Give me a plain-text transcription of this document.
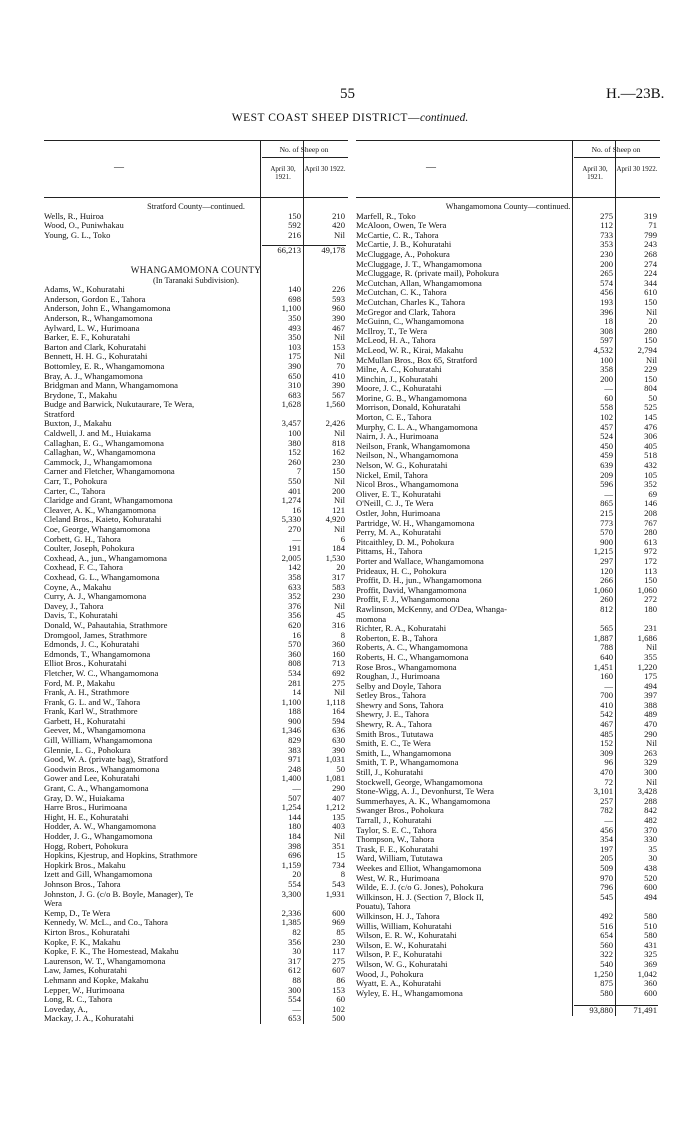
55	H.—23B.
WEST COAST SHEEP DISTRICT—continued.
—
No. of Sheep on
April 30, 1921.
April 30 1922.
Stratford County—continued.
Wells, R., Huiroa	150	210
Wood, O., Puniwhakau	592	420
Young, G. L., Toko	216	Nil
66,213	49,178
WHANGAMOMONA COUNTY
(In Taranaki Subdivision).
Adams, W., Kohuratahi	140	226
Anderson, Gordon E., Tahora	698	593
Anderson, John E., Whangamomona	1,100	960
Anderson, R., Whangamomona	350	390
Aylward, L. W., Hurimoana	493	467
Barker, E. F., Kohuratahi	350	Nil
Barton and Clark, Kohuratahi	103	153
Bennett, H. H. G., Kohuratahi	175	Nil
Bottomley, E. R., Whangamomona	390	70
Bray, A. J., Whangamomona	650	410
Bridgman and Mann, Whangamomona	310	390
Brydone, T., Makahu	683	567
Budge and Barwick, Nukutaurare, Te Wera,	1,628	1,560
Stratford
Buxton, J., Makahu	3,457	2,426
Caldwell, J. and M., Huiakama	100	Nil
Callaghan, E. G., Whangamomona	380	818
Callaghan, W., Whangamomona	152	162
Cammock, J., Whangamomona	260	230
Carner and Fletcher, Whangamomona	7	150
Carr, T., Pohokura	550	Nil
Carter, C., Tahora	401	200
Claridge and Grant, Whangamomona	1,274	Nil
Cleaver, A. K., Whangamomona	16	121
Cleland Bros., Kaieto, Kohuratahi	5,330	4,920
Coe, George, Whangamomona	270	Nil
Corbett, G. H., Tahora	—	6
Coulter, Joseph, Pohokura	191	184
Coxhead, A., jun., Whangamomona	2,005	1,530
Coxhead, F. C., Tahora	142	20
Coxhead, G. L., Whangamomona	358	317
Coyne, A., Makahu	633	583
Curry, A. J., Whangamomona	352	230
Davey, J., Tahora	376	Nil
Davis, T., Kohuratahi	356	45
Donald, W., Pahautahia, Strathmore	620	316
Dromgool, James, Strathmore	16	8
Edmonds, J. C., Kohuratahi	570	360
Edmonds, T., Whangamomona	360	160
Elliot Bros., Kohuratahi	808	713
Fletcher, W. C., Whangamomona	534	692
Ford, M. P., Makahu	281	275
Frank, A. H., Strathmore	14	Nil
Frank, G. L. and W., Tahora	1,100	1,118
Frank, Karl W., Strathmore	188	164
Garbett, H., Kohuratahi	900	594
Geever, M., Whangamomona	1,346	636
Gill, William, Whangamomona	829	630
Glennie, L. G., Pohokura	383	390
Good, W. A. (private bag), Stratford	971	1,031
Goodwin Bros., Whangamomona	248	50
Gower and Lee, Kohuratahi	1,400	1,081
Grant, C. A., Whangamomona	—	290
Gray, D. W., Huiakama	507	407
Harre Bros., Hurimoana	1,254	1,212
Hight, H. E., Kohuratahi	144	135
Hodder, A. W., Whangamomona	180	403
Hodder, J. G., Whangamomona	184	Nil
Hogg, Robert, Pohokura	398	351
Hopkins, Kjestrup, and Hopkins, Strathmore	696	15
Hopkirk Bros., Makahu	1,159	734
Izett and Gill, Whangamomona	20	8
Johnson Bros., Tahora	554	543
Johnston, J. G. (c/o B. Boyle, Manager), Te	3,300	1,931
Wera
Kemp, D., Te Wera	2,336	600
Kennedy, W. McL., and Co., Tahora	1,385	969
Kirton Bros., Kohuratahi	82	85
Kopke, F. K., Makahu	356	230
Kopke, F. K., The Homestead, Makahu	30	117
Laurenson, W. T., Whangamomona	317	275
Law, James, Kohuratahi	612	607
Lehmann and Kopke, Makahu	88	86
Lepper, W., Hurimoana	300	153
Long, R. C., Tahora	554	60
Loveday, A.,	—	102
Mackay, J. A., Kohuratahi	653	500
—
No. of Sheep on
April 30, 1921.
April 30 1922.
Whangamomona County—continued.
Marfell, R., Toko	275	319
McAloon, Owen, Te Wera	112	71
McCartie, C. R., Tahora	733	799
McCartie, J. B., Kohuratahi	353	243
McCluggage, A., Pohokura	230	268
McCluggage, J. T., Whangamomona	200	274
McCluggage, R. (private mail), Pohokura	265	224
McCutchan, Allan, Whangamomona	574	344
McCutchan, C. K., Tahora	456	610
McCutchan, Charles K., Tahora	193	150
McGregor and Clark, Tahora	396	Nil
McGuinn, C., Whangamomona	18	20
McIlroy, T., Te Wera	308	280
McLeod, H. A., Tahora	597	150
McLeod, W. R., Kirai, Makahu	4,532	2,794
McMullan Bros., Box 65, Stratford	100	Nil
Milne, A. C., Kohuratahi	358	229
Minchin, J., Kohuratahi	200	150
Moore, J. C., Kohuratahi	—	804
Morine, G. B., Whangamomona	60	50
Morrison, Donald, Kohuratahi	558	525
Morton, C. E., Tahora	102	145
Murphy, C. L. A., Whangamomona	457	476
Nairn, J. A., Hurimoana	524	306
Neilson, Frank, Whangamomona	450	405
Neilson, N., Whangamomona	459	518
Nelson, W. G., Kohuratahi	639	432
Nickel, Emil, Tahora	209	105
Nicol Bros., Whangamomona	596	352
Oliver, E. T., Kohuratahi	—	69
O'Neill, C. J., Te Wera	865	146
Ostler, John, Hurimoana	215	208
Partridge, W. H., Whangamomona	773	767
Perry, M. A., Kohuratahi	570	280
Pitcaithley, D. M., Pohokura	900	613
Pittams, H., Tahora	1,215	972
Porter and Wallace, Whangamomona	297	172
Prideaux, H. C., Pohokura	120	113
Proffit, D. H., jun., Whangamomona	266	150
Proffit, David, Whangamomona	1,060	1,060
Proffit, F. J., Whangamomona	260	272
Rawlinson, McKenny, and O'Dea, Whanga-	812	180
momona
Richter, R. A., Kohuratahi	565	231
Roberton, E. B., Tahora	1,887	1,686
Roberts, A. C., Whangamomona	788	Nil
Roberts, H. C., Whangamomona	640	355
Rose Bros., Whangamomona	1,451	1,220
Roughan, J., Hurimoana	160	175
Selby and Doyle, Tahora	—	494
Setley Bros., Tahora	700	397
Shewry and Sons, Tahora	410	388
Shewry, J. E., Tahora	542	489
Shewry, R. A., Tahora	467	470
Smith Bros., Tututawa	485	290
Smith, E. C., Te Wera	152	Nil
Smith, L., Whangamomona	309	263
Smith, T. P., Whangamomona	96	329
Still, J., Kohuratahi	470	300
Stockwell, George, Whangamomona	72	Nil
Stone-Wigg, A. J., Devonhurst, Te Wera	3,101	3,428
Summerhayes, A. K., Whangamomona	257	288
Swanger Bros., Pohokura	782	842
Tarrall, J., Kohuratahi	—	482
Taylor, S. E. C., Tahora	456	370
Thompson, W., Tahora	354	330
Trask, F. E., Kohuratahi	197	35
Ward, William, Tututawa	205	30
Weekes and Elliot, Whangamomona	509	438
West, W. R., Hurimoana	970	520
Wilde, E. J. (c/o G. Jones), Pohokura	796	600
Wilkinson, H. J. (Section 7, Block II,	545	494
Pouatu), Tahora
Wilkinson, H. J., Tahora	492	580
Willis, William, Kohuratahi	516	510
Wilson, E. R. W., Kohuratahi	654	580
Wilson, E. W., Kohuratahi	560	431
Wilson, P. F., Kohuratahi	322	325
Wilson, W. G., Kohuratahi	540	369
Wood, J., Pohokura	1,250	1,042
Wyatt, E. A., Kohuratahi	875	360
Wyley, E. H., Whangamomona	580	600
93,880	71,491
